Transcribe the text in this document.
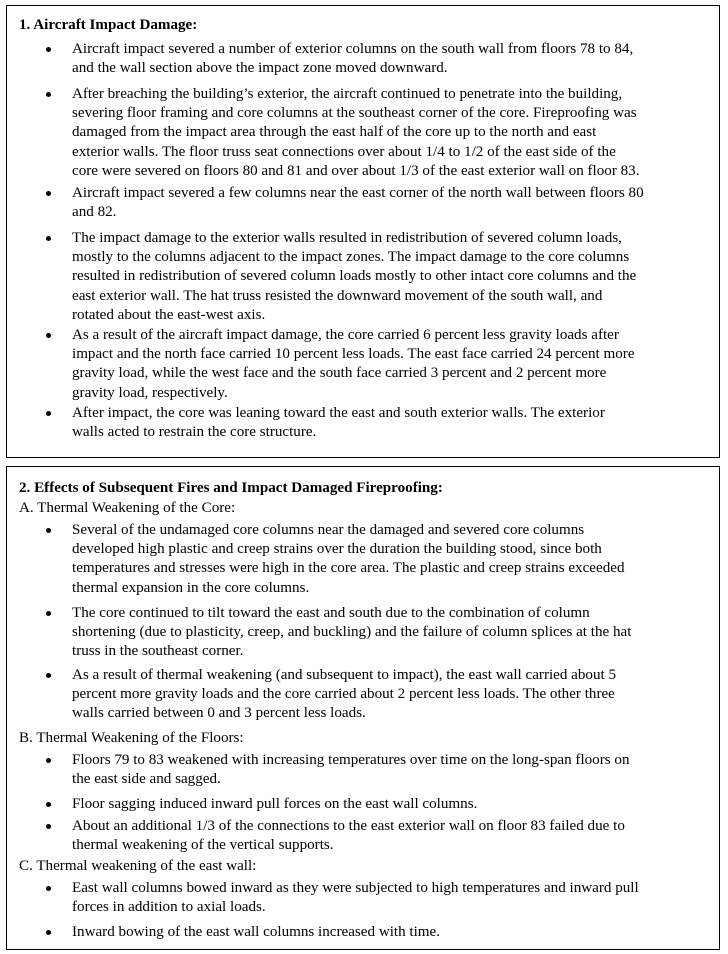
1. Aircraft Impact Damage:
Aircraft impact severed a number of exterior columns on the south wall from floors 78 to 84,
and the wall section above the impact zone moved downward.
After breaching the building’s exterior, the aircraft continued to penetrate into the building,
severing floor framing and core columns at the southeast corner of the core. Fireproofing was
damaged from the impact area through the east half of the core up to the north and east
exterior walls. The floor truss seat connections over about 1/4 to 1/2 of the east side of the
core were severed on floors 80 and 81 and over about 1/3 of the east exterior wall on floor 83.
Aircraft impact severed a few columns near the east corner of the north wall between floors 80
and 82.
The impact damage to the exterior walls resulted in redistribution of severed column loads,
mostly to the columns adjacent to the impact zones. The impact damage to the core columns
resulted in redistribution of severed column loads mostly to other intact core columns and the
east exterior wall. The hat truss resisted the downward movement of the south wall, and
rotated about the east-west axis.
As a result of the aircraft impact damage, the core carried 6 percent less gravity loads after
impact and the north face carried 10 percent less loads. The east face carried 24 percent more
gravity load, while the west face and the south face carried 3 percent and 2 percent more
gravity load, respectively.
After impact, the core was leaning toward the east and south exterior walls. The exterior
walls acted to restrain the core structure.
2. Effects of Subsequent Fires and Impact Damaged Fireproofing:
A. Thermal Weakening of the Core:
B. Thermal Weakening of the Floors:
C. Thermal weakening of the east wall:
Several of the undamaged core columns near the damaged and severed core columns
developed high plastic and creep strains over the duration the building stood, since both
temperatures and stresses were high in the core area. The plastic and creep strains exceeded
thermal expansion in the core columns.
The core continued to tilt toward the east and south due to the combination of column
shortening (due to plasticity, creep, and buckling) and the failure of column splices at the hat
truss in the southeast corner.
As a result of thermal weakening (and subsequent to impact), the east wall carried about 5
percent more gravity loads and the core carried about 2 percent less loads. The other three
walls carried between 0 and 3 percent less loads.
Floors 79 to 83 weakened with increasing temperatures over time on the long-span floors on
the east side and sagged.
Floor sagging induced inward pull forces on the east wall columns.
About an additional 1/3 of the connections to the east exterior wall on floor 83 failed due to
thermal weakening of the vertical supports.
East wall columns bowed inward as they were subjected to high temperatures and inward pull
forces in addition to axial loads.
Inward bowing of the east wall columns increased with time.
